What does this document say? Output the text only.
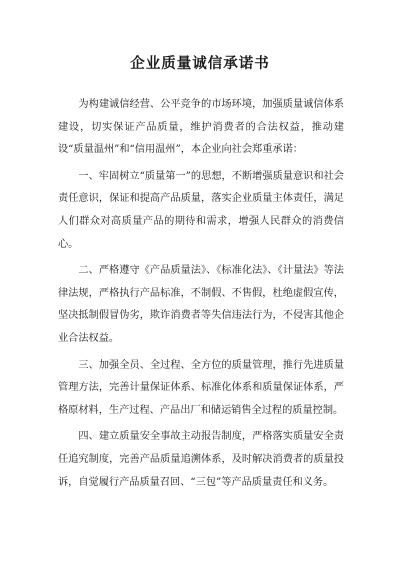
企业质量诚信承诺书

为构建诚信经营、公平竞争的市场环境，加强质量诚信体系建设，切实保证产品质量，维护消费者的合法权益，推动建设“质量温州”和“信用温州”，本企业向社会郑重承诺：

一、牢固树立“质量第一”的思想，不断增强质量意识和社会责任意识，保证和提高产品质量，落实企业质量主体责任，满足人们群众对高质量产品的期待和需求，增强人民群众的消费信心。

二、严格遵守《产品质量法》、《标准化法》、《计量法》等法律法规，严格执行产品标准，不制假、不售假，杜绝虚假宣传，坚决抵制假冒伪劣，欺诈消费者等失信违法行为，不侵害其他企业合法权益。

三、加强全员、全过程、全方位的质量管理，推行先进质量管理方法，完善计量保证体系、标准化体系和质量保证体系，严格原材料，生产过程、产品出厂和储运销售全过程的质量控制。

四、建立质量安全事故主动报告制度，严格落实质量安全责任追究制度，完善产品质量追溯体系，及时解决消费者的质量投诉，自觉履行产品质量召回、“三包”等产品质量责任和义务。
